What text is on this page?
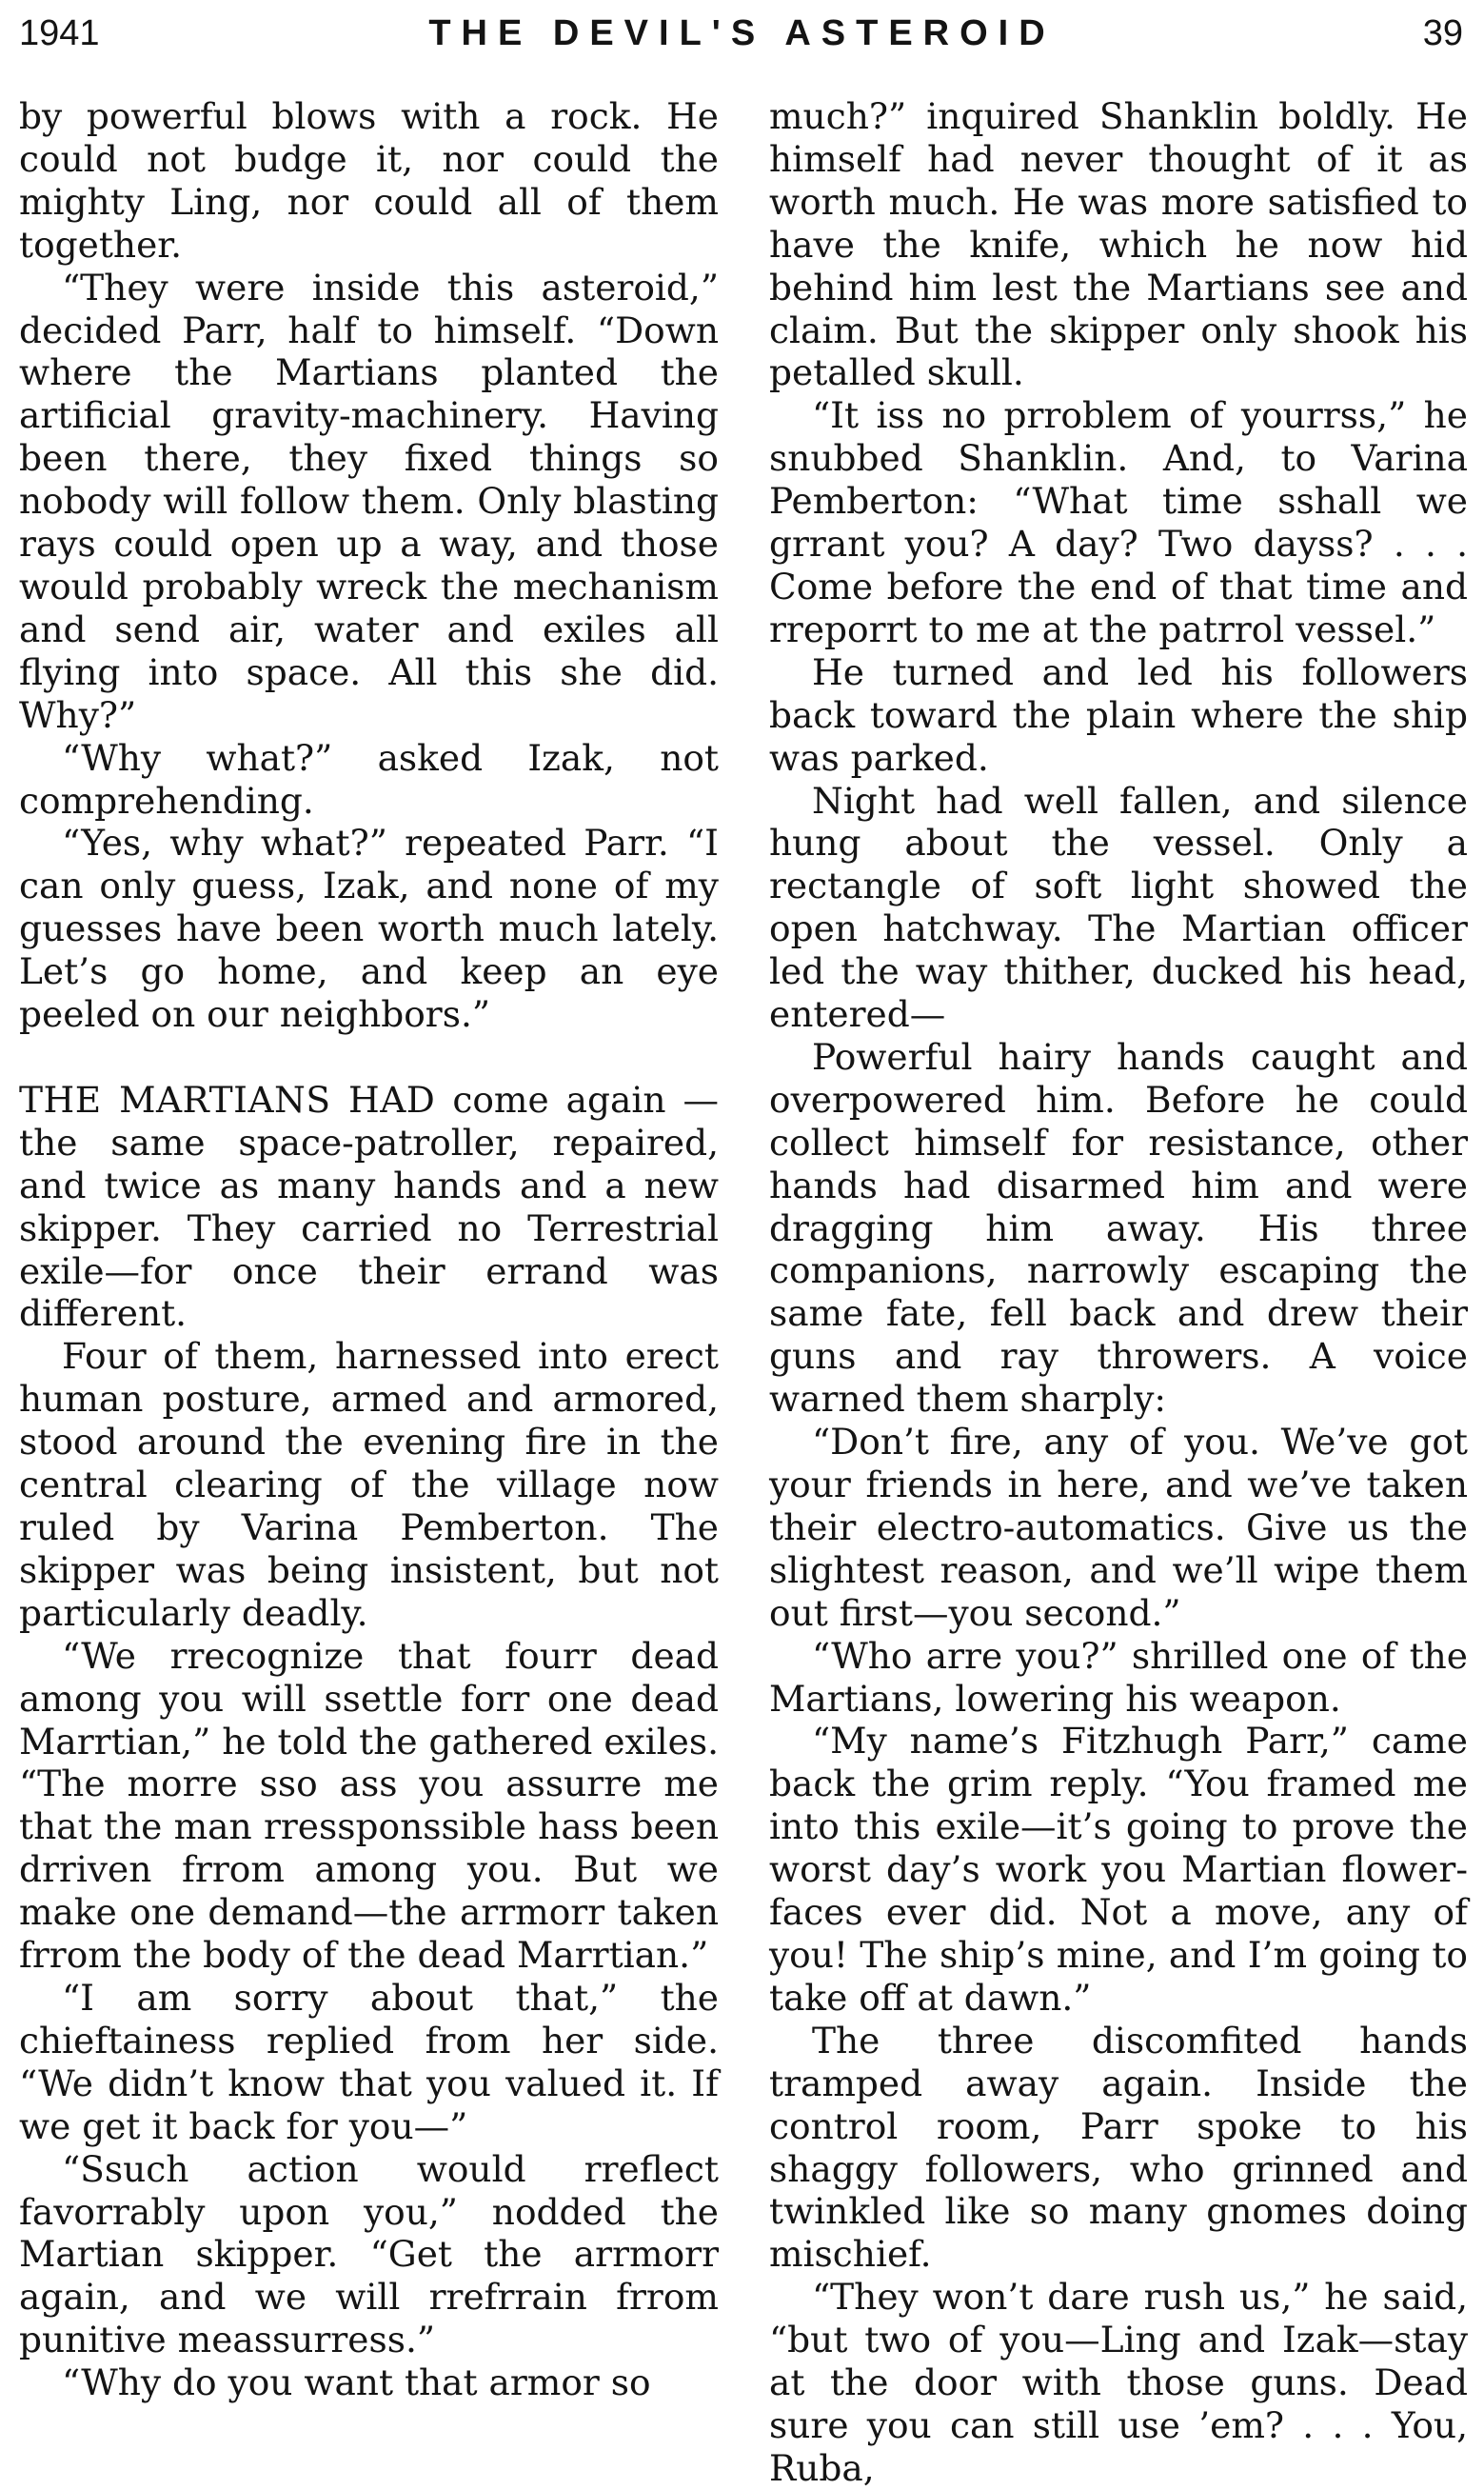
1941	THE DEVIL'S ASTEROID	39

by powerful blows with a rock. He could not budge it, nor could the mighty Ling, nor could all of them together.

“They were inside this asteroid,” decided Parr, half to himself. “Down where the Martians planted the artificial gravity-machinery. Having been there, they fixed things so nobody will follow them. Only blasting rays could open up a way, and those would probably wreck the mechanism and send air, water and exiles all flying into space. All this she did. Why?”

“Why what?” asked Izak, not comprehending.

“Yes, why what?” repeated Parr. “I can only guess, Izak, and none of my guesses have been worth much lately. Let’s go home, and keep an eye peeled on our neighbors.”

THE MARTIANS HAD come again —the same space-patroller, repaired, and twice as many hands and a new skipper. They carried no Terrestrial exile—for once their errand was different.

Four of them, harnessed into erect human posture, armed and armored, stood around the evening fire in the central clearing of the village now ruled by Varina Pemberton. The skipper was being insistent, but not particularly deadly.

“We rrecognize that fourr dead among you will ssettle forr one dead Marrtian,” he told the gathered exiles. “The morre sso ass you assurre me that the man rressponssible hass been drriven frrom among you. But we make one demand—the arrmorr taken frrom the body of the dead Marrtian.”

“I am sorry about that,” the chieftainess replied from her side. “We didn’t know that you valued it. If we get it back for you—”

“Ssuch action would rreflect favorrably upon you,” nodded the Martian skipper. “Get the arrmorr again, and we will rrefrrain frrom punitive meassurress.”

“Why do you want that armor so

much?” inquired Shanklin boldly. He himself had never thought of it as worth much. He was more satisfied to have the knife, which he now hid behind him lest the Martians see and claim. But the skipper only shook his petalled skull.

“It iss no prroblem of yourrss,” he snubbed Shanklin. And, to Varina Pemberton: “What time sshall we grrant you? A day? Two dayss? . . . Come before the end of that time and rreporrt to me at the patrrol vessel.”

He turned and led his followers back toward the plain where the ship was parked.

Night had well fallen, and silence hung about the vessel. Only a rectangle of soft light showed the open hatchway. The Martian officer led the way thither, ducked his head, entered—

Powerful hairy hands caught and overpowered him. Before he could collect himself for resistance, other hands had disarmed him and were dragging him away. His three companions, narrowly escaping the same fate, fell back and drew their guns and ray throwers. A voice warned them sharply:

“Don’t fire, any of you. We’ve got your friends in here, and we’ve taken their electro-automatics. Give us the slightest reason, and we’ll wipe them out first—you second.”

“Who arre you?” shrilled one of the Martians, lowering his weapon.

“My name’s Fitzhugh Parr,” came back the grim reply. “You framed me into this exile—it’s going to prove the worst day’s work you Martian flower-faces ever did. Not a move, any of you! The ship’s mine, and I’m going to take off at dawn.”

The three discomfited hands tramped away again. Inside the control room, Parr spoke to his shaggy followers, who grinned and twinkled like so many gnomes doing mischief.

“They won’t dare rush us,” he said, “but two of you—Ling and Izak—stay at the door with those guns. Dead sure you can still use ’em? . . . You, Ruba,
